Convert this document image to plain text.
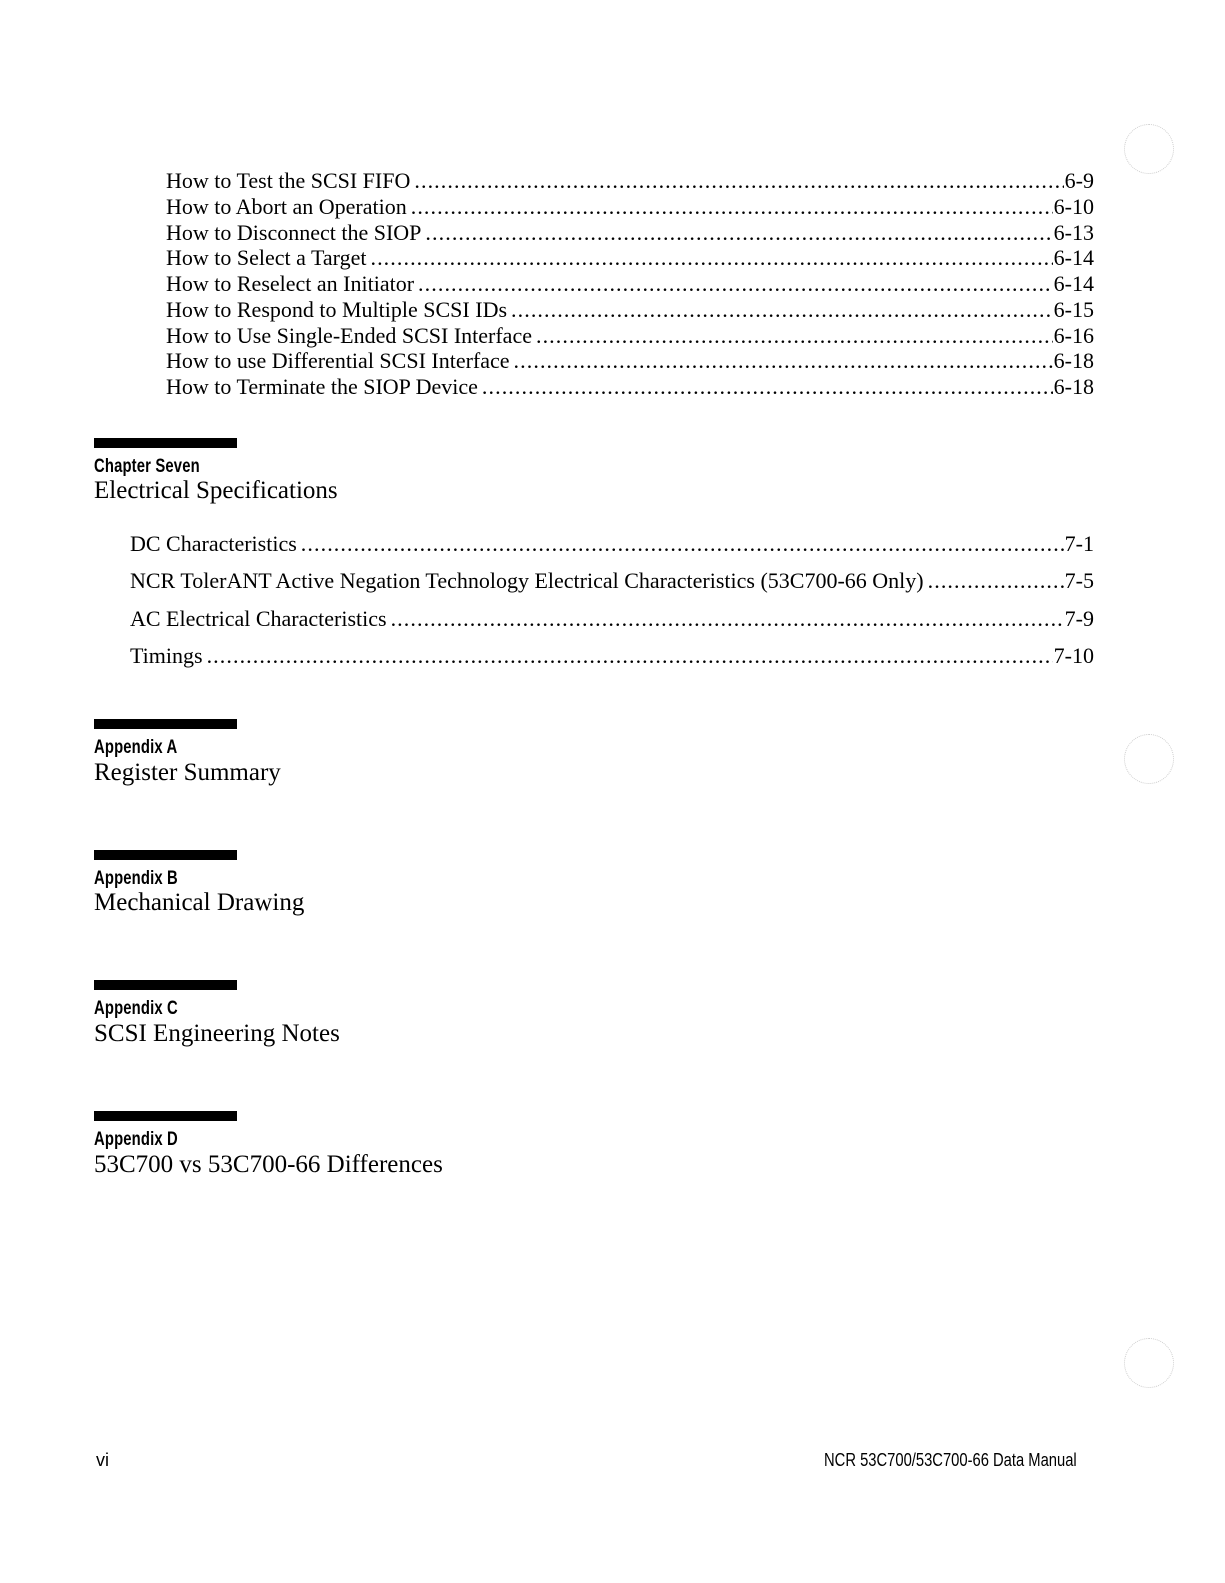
How to Test the SCSI FIFO . . .	6-9
How to Abort an Operation . . .	6-10
How to Disconnect the SIOP . . .	6-13
How to Select a Target . . .	6-14
How to Reselect an Initiator . . .	6-14
How to Respond to Multiple SCSI IDs . . .	6-15
How to Use Single-Ended SCSI Interface . . .	6-16
How to use Differential SCSI Interface . . .	6-18
How to Terminate the SIOP Device . . .	6-18
Chapter Seven
Electrical Specifications
DC Characteristics . . .	7-1
NCR TolerANT Active Negation Technology Electrical Characteristics (53C700-66 Only) . . .	7-5
AC Electrical Characteristics . . .	7-9
Timings . . .	7-10
Appendix A
Register Summary
Appendix B
Mechanical Drawing
Appendix C
SCSI Engineering Notes
Appendix D
53C700 vs 53C700-66 Differences
vi	NCR 53C700/53C700-66 Data Manual
